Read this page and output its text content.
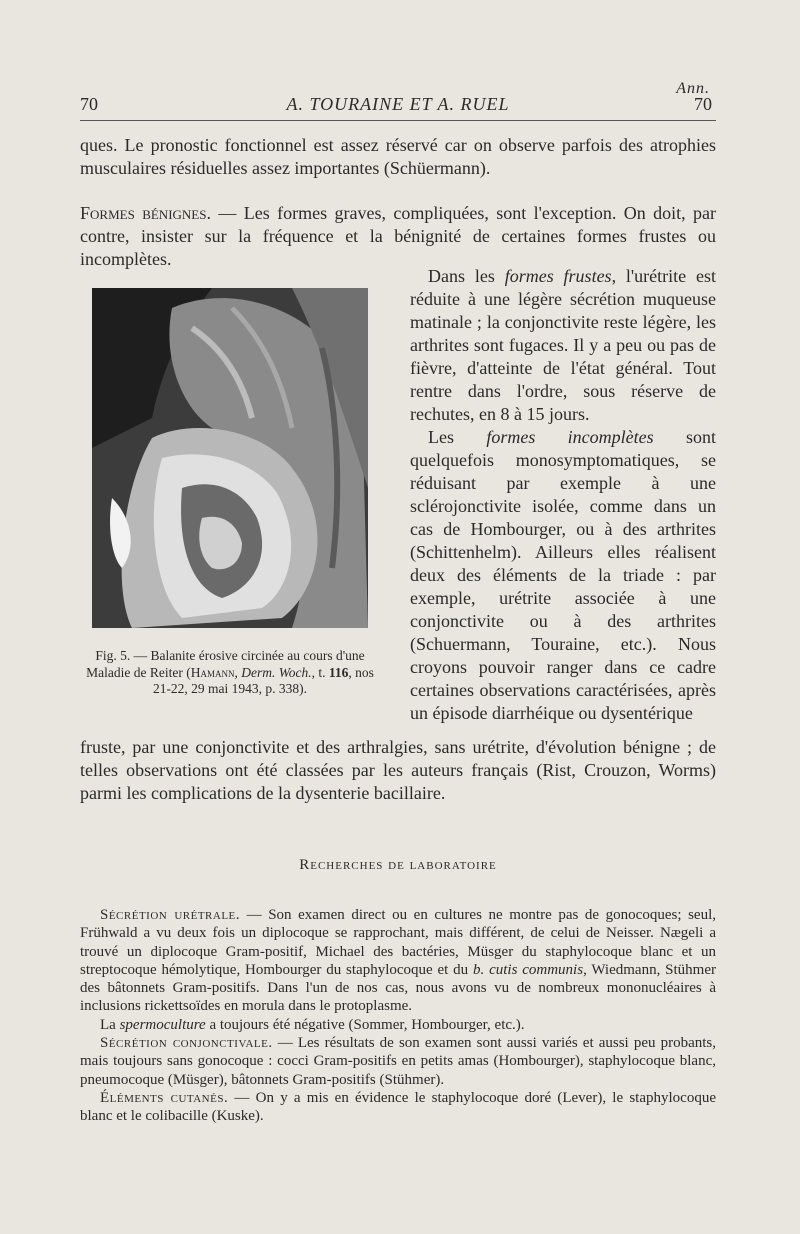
Ann.
70	A. TOURAINE ET A. RUEL	70

ques. Le pronostic fonctionnel est assez réservé car on observe parfois des atrophies musculaires résiduelles assez importantes (Schüermann).

Formes bénignes. — Les formes graves, compliquées, sont l'exception. On doit, par contre, insister sur la fréquence et la bénignité de certaines formes frustes ou incomplètes.

Fig. 5. — Balanite érosive circinée au cours d'une Maladie de Reiter (Hamann, Derm. Woch., t. 116, nos 21-22, 29 mai 1943, p. 338).

Dans les formes frustes, l'urétrite est réduite à une légère sécrétion muqueuse matinale ; la conjonctivite reste légère, les arthrites sont fugaces. Il y a peu ou pas de fièvre, d'atteinte de l'état général. Tout rentre dans l'ordre, sous réserve de rechutes, en 8 à 15 jours.

Les formes incomplètes sont quelquefois monosymptomatiques, se réduisant par exemple à une sclérojonctivite isolée, comme dans un cas de Hombourger, ou à des arthrites (Schittenhelm). Ailleurs elles réalisent deux des éléments de la triade : par exemple, urétrite associée à une conjonctivite ou à des arthrites (Schuermann, Touraine, etc.). Nous croyons pouvoir ranger dans ce cadre certaines observations caractérisées, après un épisode diarrhéique ou dysentérique

fruste, par une conjonctivite et des arthralgies, sans urétrite, d'évolution bénigne ; de telles observations ont été classées par les auteurs français (Rist, Crouzon, Worms) parmi les complications de la dysenterie bacillaire.

Recherches de laboratoire

Sécrétion urétrale. — Son examen direct ou en cultures ne montre pas de gonocoques; seul, Frühwald a vu deux fois un diplocoque se rapprochant, mais différent, de celui de Neisser. Nægeli a trouvé un diplocoque Gram-positif, Michael des bactéries, Müsger du staphylocoque blanc et un streptocoque hémolytique, Hombourger du staphylocoque et du b. cutis communis, Wiedmann, Stühmer des bâtonnets Gram-positifs. Dans l'un de nos cas, nous avons vu de nombreux mononucléaires à inclusions rickettsoïdes en morula dans le protoplasme.

La spermoculture a toujours été négative (Sommer, Hombourger, etc.).

Sécrétion conjonctivale. — Les résultats de son examen sont aussi variés et aussi peu probants, mais toujours sans gonocoque : cocci Gram-positifs en petits amas (Hombourger), staphylocoque blanc, pneumocoque (Müsger), bâtonnets Gram-positifs (Stühmer).

Éléments cutanés. — On y a mis en évidence le staphylocoque doré (Lever), le staphylocoque blanc et le colibacille (Kuske).
